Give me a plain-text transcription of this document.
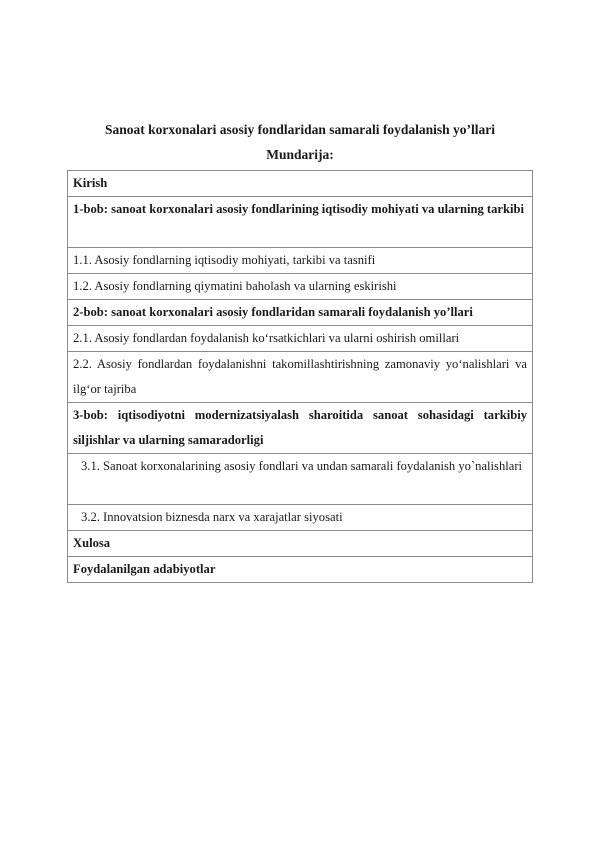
Sanoat korxonalari asosiy fondlaridan samarali foydalanish yo’llari
Mundarija:
Kirish
1-bob: sanoat korxonalari asosiy fondlarining iqtisodiy mohiyati va ularning tarkibi
1.1. Asosiy fondlarning iqtisodiy mohiyati, tarkibi va tasnifi
1.2. Asosiy fondlarning qiymatini baholash va ularning eskirishi
2-bob: sanoat korxonalari asosiy fondlaridan samarali foydalanish yo’llari
2.1. Asosiy fondlardan foydalanish ko‘rsatkichlari va ularni oshirish omillari
2.2. Asosiy fondlardan foydalanishni takomillashtirishning zamonaviy yo‘nalishlari va ilg‘or tajriba
3-bob: iqtisodiyotni modernizatsiyalash sharoitida sanoat sohasidagi tarkibiy siljishlar va ularning samaradorligi
3.1. Sanoat korxonalarining asosiy fondlari va undan samarali foydalanish yo`nalishlari
3.2. Innovatsion biznesda narx va xarajatlar siyosati
Xulosa
Foydalanilgan adabiyotlar
